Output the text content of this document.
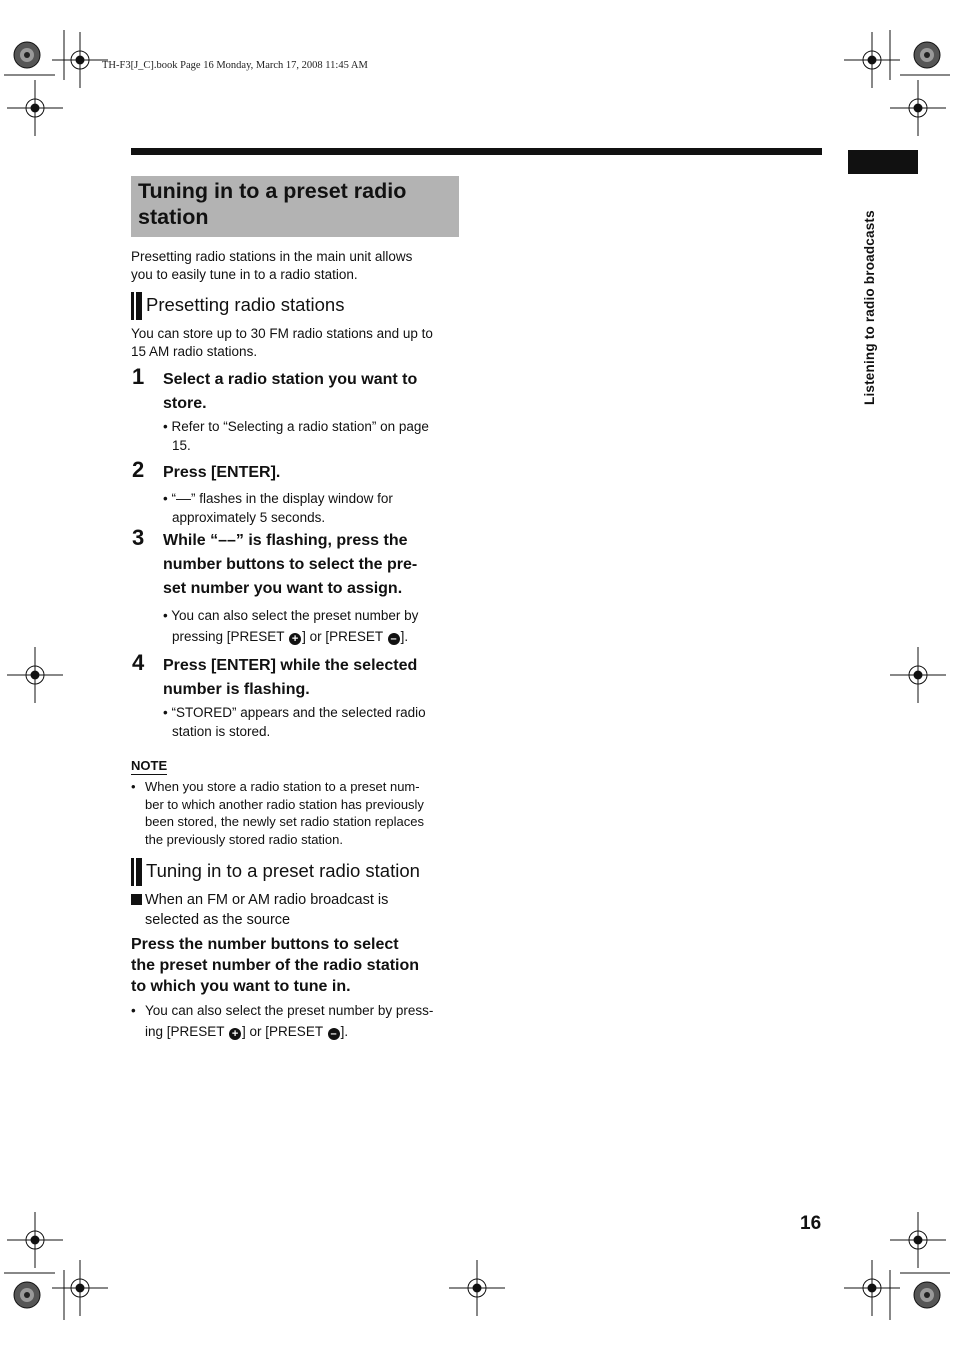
TH-F3[J_C].book Page 16 Monday, March 17, 2008 11:45 AM
Listening to radio broadcasts
Tuning in to a preset radio
station
Presetting radio stations in the main unit allows
you to easily tune in to a radio station.
Presetting radio stations
You can store up to 30 FM radio stations and up to
15 AM radio stations.
1 Select a radio station you want to
store.
• Refer to “Selecting a radio station” on page
15.
2 Press [ENTER].
• “––” flashes in the display window for
approximately 5 seconds.
3 While “––” is flashing, press the
number buttons to select the pre-
set number you want to assign.
• You can also select the preset number by
pressing [PRESET + ] or [PRESET – ].
4 Press [ENTER] while the selected
number is flashing.
• “STORED” appears and the selected radio
station is stored.
NOTE
• When you store a radio station to a preset num-
ber to which another radio station has previously
been stored, the newly set radio station replaces
the previously stored radio station.
Tuning in to a preset radio station
When an FM or AM radio broadcast is
selected as the source
Press the number buttons to select
the preset number of the radio station
to which you want to tune in.
• You can also select the preset number by press-
ing [PRESET + ] or [PRESET – ].
16
